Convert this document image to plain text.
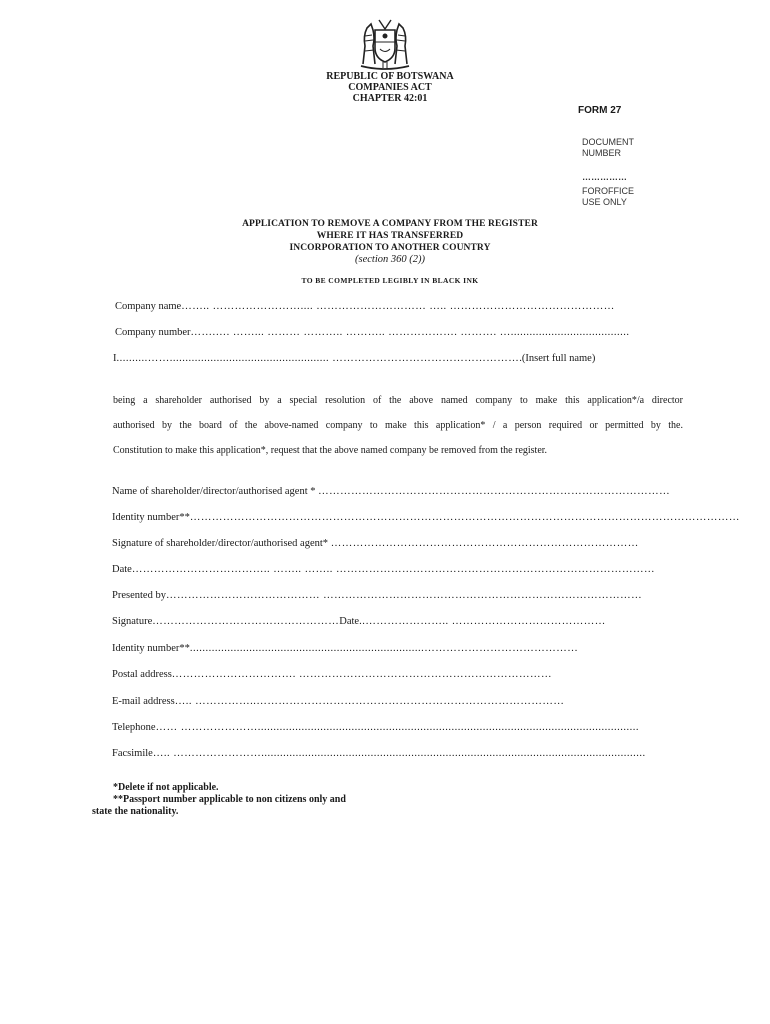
REPUBLIC OF BOTSWANA
COMPANIES ACT
CHAPTER 42:01
FORM 27
DOCUMENT
NUMBER
……………
FOROFFICE
USE ONLY
APPLICATION TO REMOVE A COMPANY FROM THE REGISTER
WHERE IT HAS TRANSFERRED
INCORPORATION TO ANOTHER COUNTRY
(section 360 (2))
TO BE COMPLETED LEGIBLY IN BLACK INK
Company name…….. …………………….... ………………………… ….. ………………………………………
Company number…….…. ……... ……… ……….. ……….. ………………. ………. …......................................
I..........……................................................... …………………………………………….(Insert full name)
being a shareholder authorised by a special resolution of the above named company to make this application*/a director
authorised by the board of the above-named company to make this application* / a person required or permitted by the.
Constitution to make this application*, request that the above named company be removed from the register.
Name of shareholder/director/authorised agent * ……………………………………………………………………………………
Identity number**……………………………………………………………………………………………………………………………………
Signature of shareholder/director/authorised agent* …………………………………………………………………………
Date……………………………….. …….. …….. ……………………………………………………………………………
Presented by…………………………………… ……………………………………………………………………………
Signature……………………………………………Date..………………….. ……………………………………
Identity number**...........................................................................……………………………………
Postal address……………………………. ……………………………………………………………
E-mail address….. ……………..…………………………………………………………………………
Telephone…… …………………..........................................................................................................................
Facsimile….. ……………………...........................................................................................................................
*Delete if not applicable.
**Passport number applicable to non citizens only and
state the nationality.
